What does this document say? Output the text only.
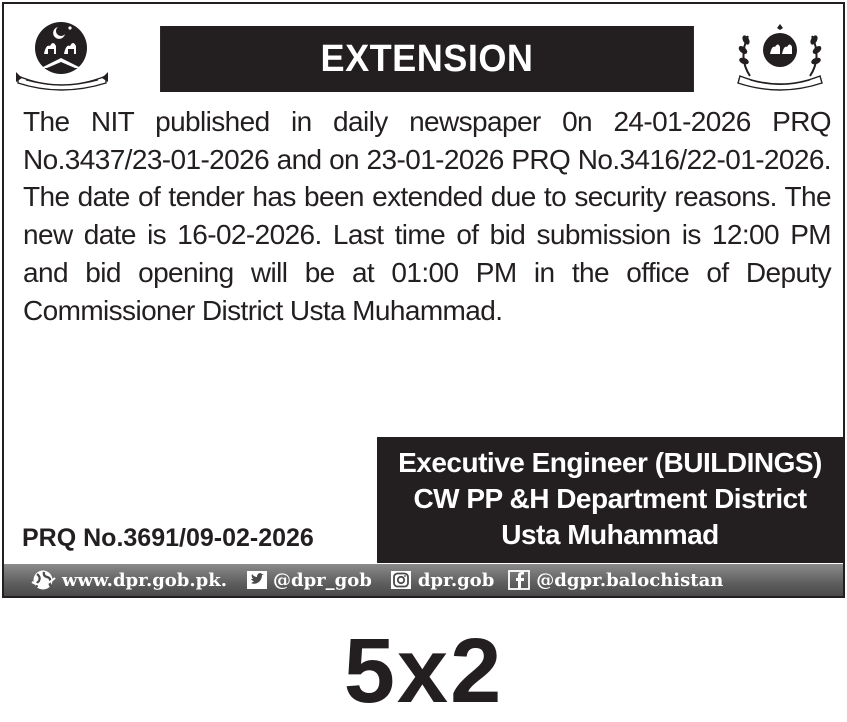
EXTENSION
The NIT published in daily newspaper 0n 24-01-2026 PRQ No.3437/23-01-2026 and on 23-01-2026 PRQ No.3416/22-01-2026. The date of tender has been extended due to security reasons. The new date is 16-02-2026. Last time of bid submission is 12:00 PM and bid opening will be at 01:00 PM in the office of Deputy Commissioner District Usta Muhammad.
Executive Engineer (BUILDINGS)
CW PP &H Department District
Usta Muhammad
PRQ No.3691/09-02-2026
www.dpr.gob.pk.	@dpr_gob	dpr.gob @dgpr.balochistan
5x2
